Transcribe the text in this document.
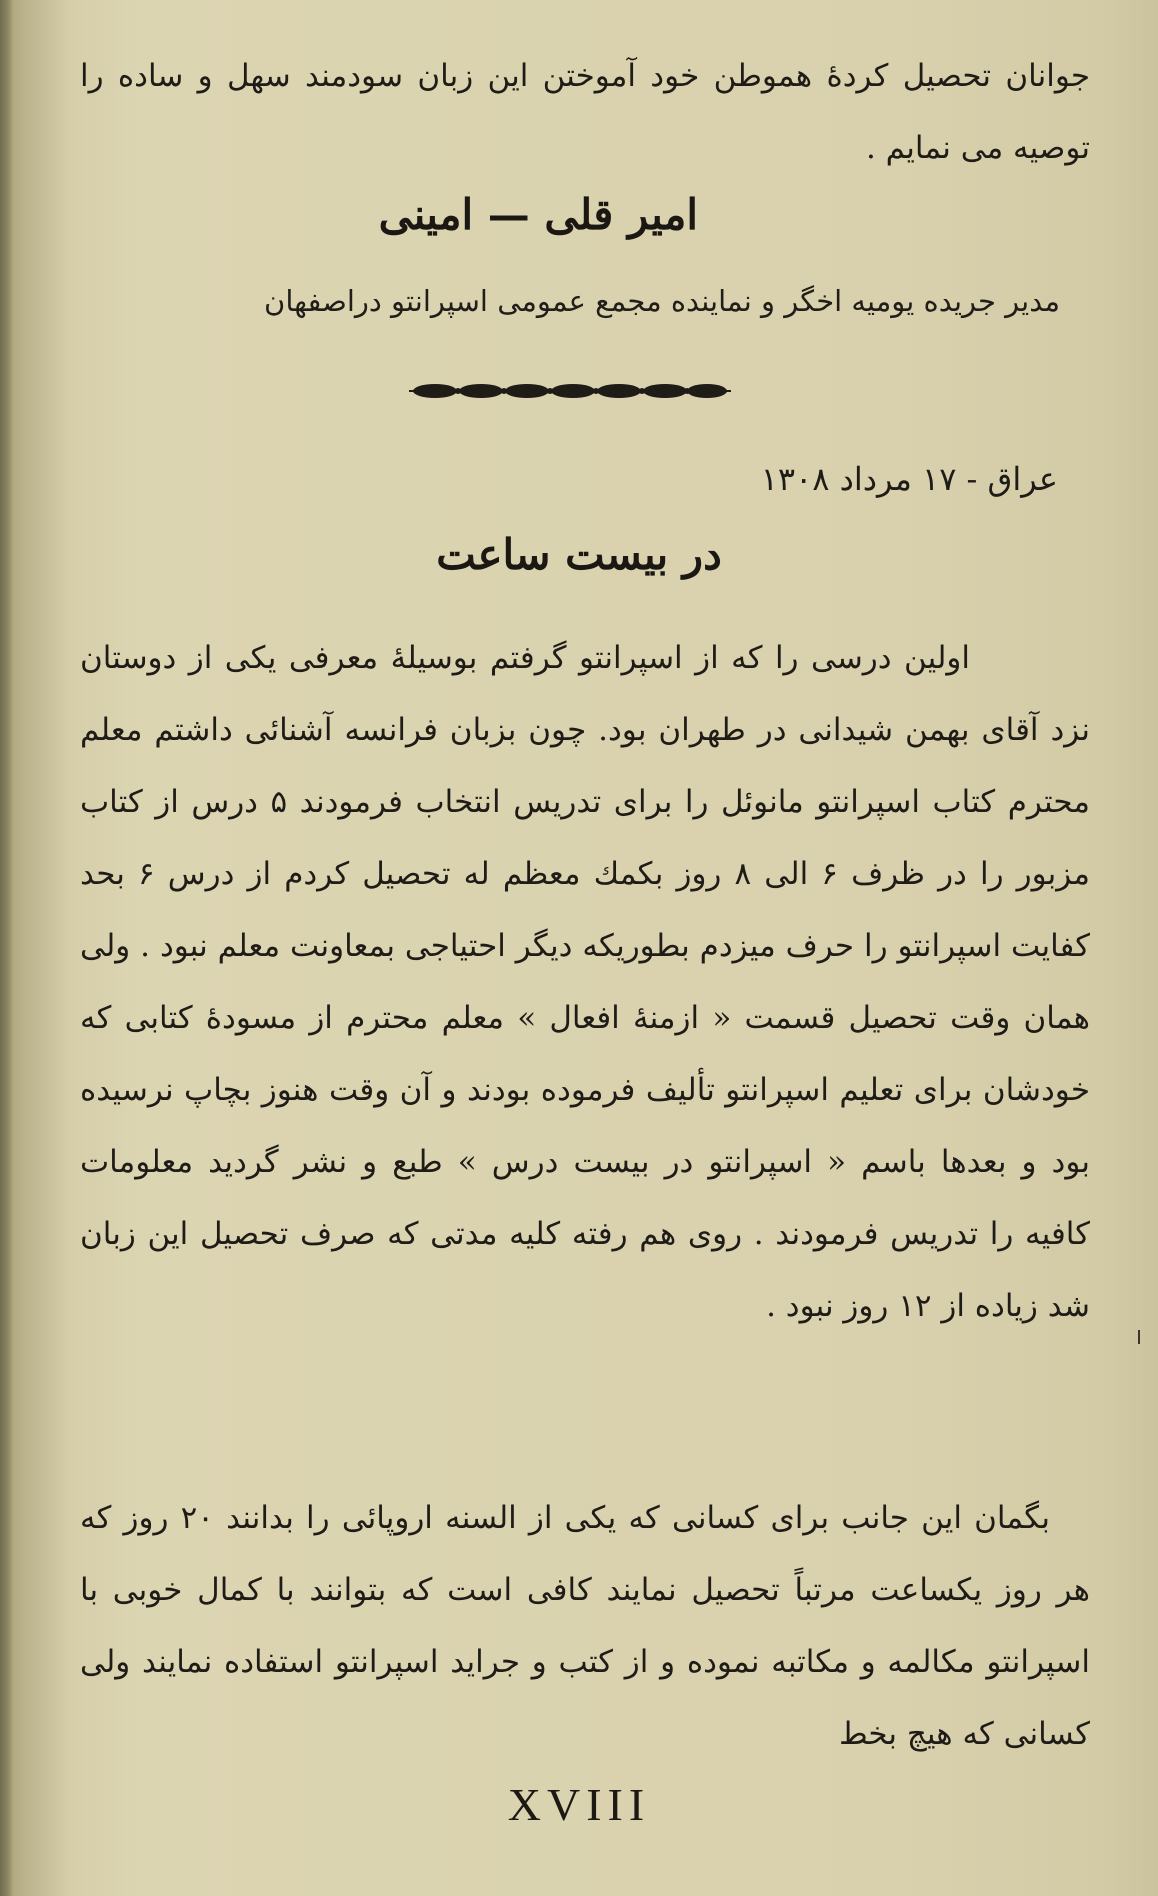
جوانان تحصیل کردهٔ هموطن خود آموختن این زبان سودمند سهل و ساده را توصیه می نمایم .

امیر قلی — امینی
مدیر جریده یومیه اخگر و نماینده مجمع عمومی اسپرانتو دراصفهان
عراق - ۱۷ مرداد ۱۳۰۸
در بیست ساعت

اولین درسی را که از اسپرانتو گرفتم بوسیلهٔ معرفی یکی از دوستان نزد آقای بهمن شیدانی در طهران بود. چون بزبان فرانسه آشنائی داشتم معلم محترم کتاب اسپرانتو مانوئل را برای تدریس انتخاب فرمودند ۵ درس از کتاب مزبور را در ظرف ۶ الی ۸ روز بکمك معظم له تحصیل کردم از درس ۶ بحد کفایت اسپرانتو را حرف میزدم بطوریکه دیگر احتیاجی بمعاونت معلم نبود . ولی همان وقت تحصیل قسمت « ازمنهٔ افعال » معلم محترم از مسودهٔ کتابی که خودشان برای تعلیم اسپرانتو تألیف فرموده بودند و آن وقت هنوز بچاپ نرسیده بود و بعدها باسم « اسپرانتو در بیست درس » طبع و نشر گردید معلومات کافیه را تدریس فرمودند . روی هم رفته کلیه مدتی که صرف تحصیل این زبان شد زیاده از ۱۲ روز نبود .

بگمان این جانب برای کسانی که یکی از السنه اروپائی را بدانند ۲۰ روز که هر روز یکساعت مرتباً تحصیل نمایند کافی است که بتوانند با کمال خوبی با اسپرانتو مکالمه و مکاتبه نموده و از کتب و جراید اسپرانتو استفاده نمایند ولی کسانی که هیچ بخط

XVIII
